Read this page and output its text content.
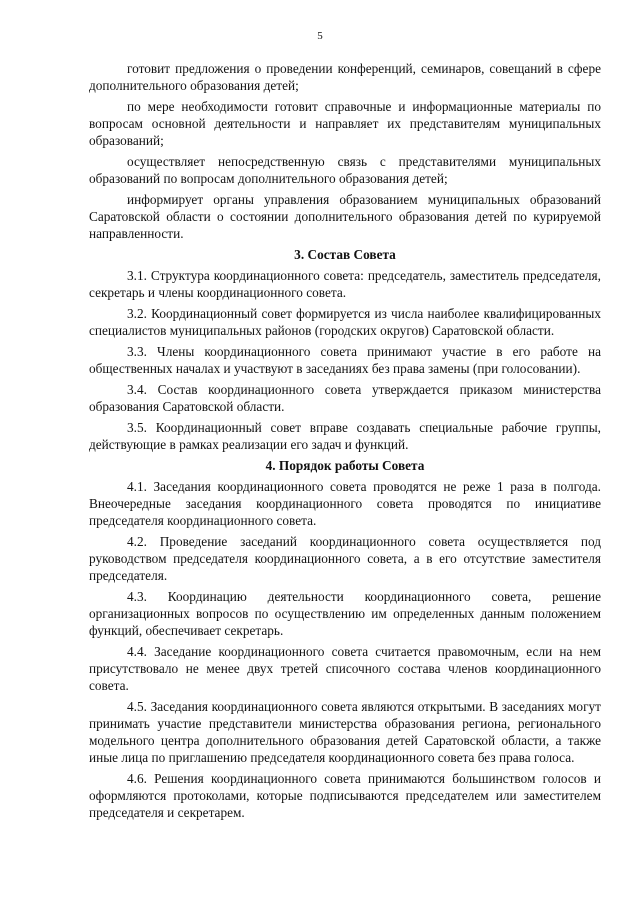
5

готовит предложения о проведении конференций, семинаров, совещаний в сфере дополнительного образования детей;

по мере необходимости готовит справочные и информационные материалы по вопросам основной деятельности и направляет их представителям муниципальных образований;

осуществляет непосредственную связь с представителями муниципальных образований по вопросам дополнительного образования детей;

информирует органы управления образованием муниципальных образований Саратовской области о состоянии дополнительного образования детей по курируемой направленности.

3. Состав Совета

3.1. Структура координационного совета: председатель, заместитель председателя, секретарь и члены координационного совета.

3.2. Координационный совет формируется из числа наиболее квалифицированных специалистов муниципальных районов (городских округов) Саратовской области.

3.3. Члены координационного совета принимают участие в его работе на общественных началах и участвуют в заседаниях без права замены (при голосовании).

3.4. Состав координационного совета утверждается приказом министерства образования Саратовской области.

3.5. Координационный совет вправе создавать специальные рабочие группы, действующие в рамках реализации его задач и функций.

4. Порядок работы Совета

4.1. Заседания координационного совета проводятся не реже 1 раза в полгода. Внеочередные заседания координационного совета проводятся по инициативе председателя координационного совета.

4.2. Проведение заседаний координационного совета осуществляется под руководством председателя координационного совета, а в его отсутствие заместителя председателя.

4.3. Координацию деятельности координационного совета, решение организационных вопросов по осуществлению им определенных данным положением функций, обеспечивает секретарь.

4.4. Заседание координационного совета считается правомочным, если на нем присутствовало не менее двух третей списочного состава членов координационного совета.

4.5. Заседания координационного совета являются открытыми. В заседаниях могут принимать участие представители министерства образования региона, регионального модельного центра дополнительного образования детей Саратовской области, а также иные лица по приглашению председателя координационного совета без права голоса.

4.6. Решения координационного совета принимаются большинством голосов и оформляются протоколами, которые подписываются председателем или заместителем председателя и секретарем.
